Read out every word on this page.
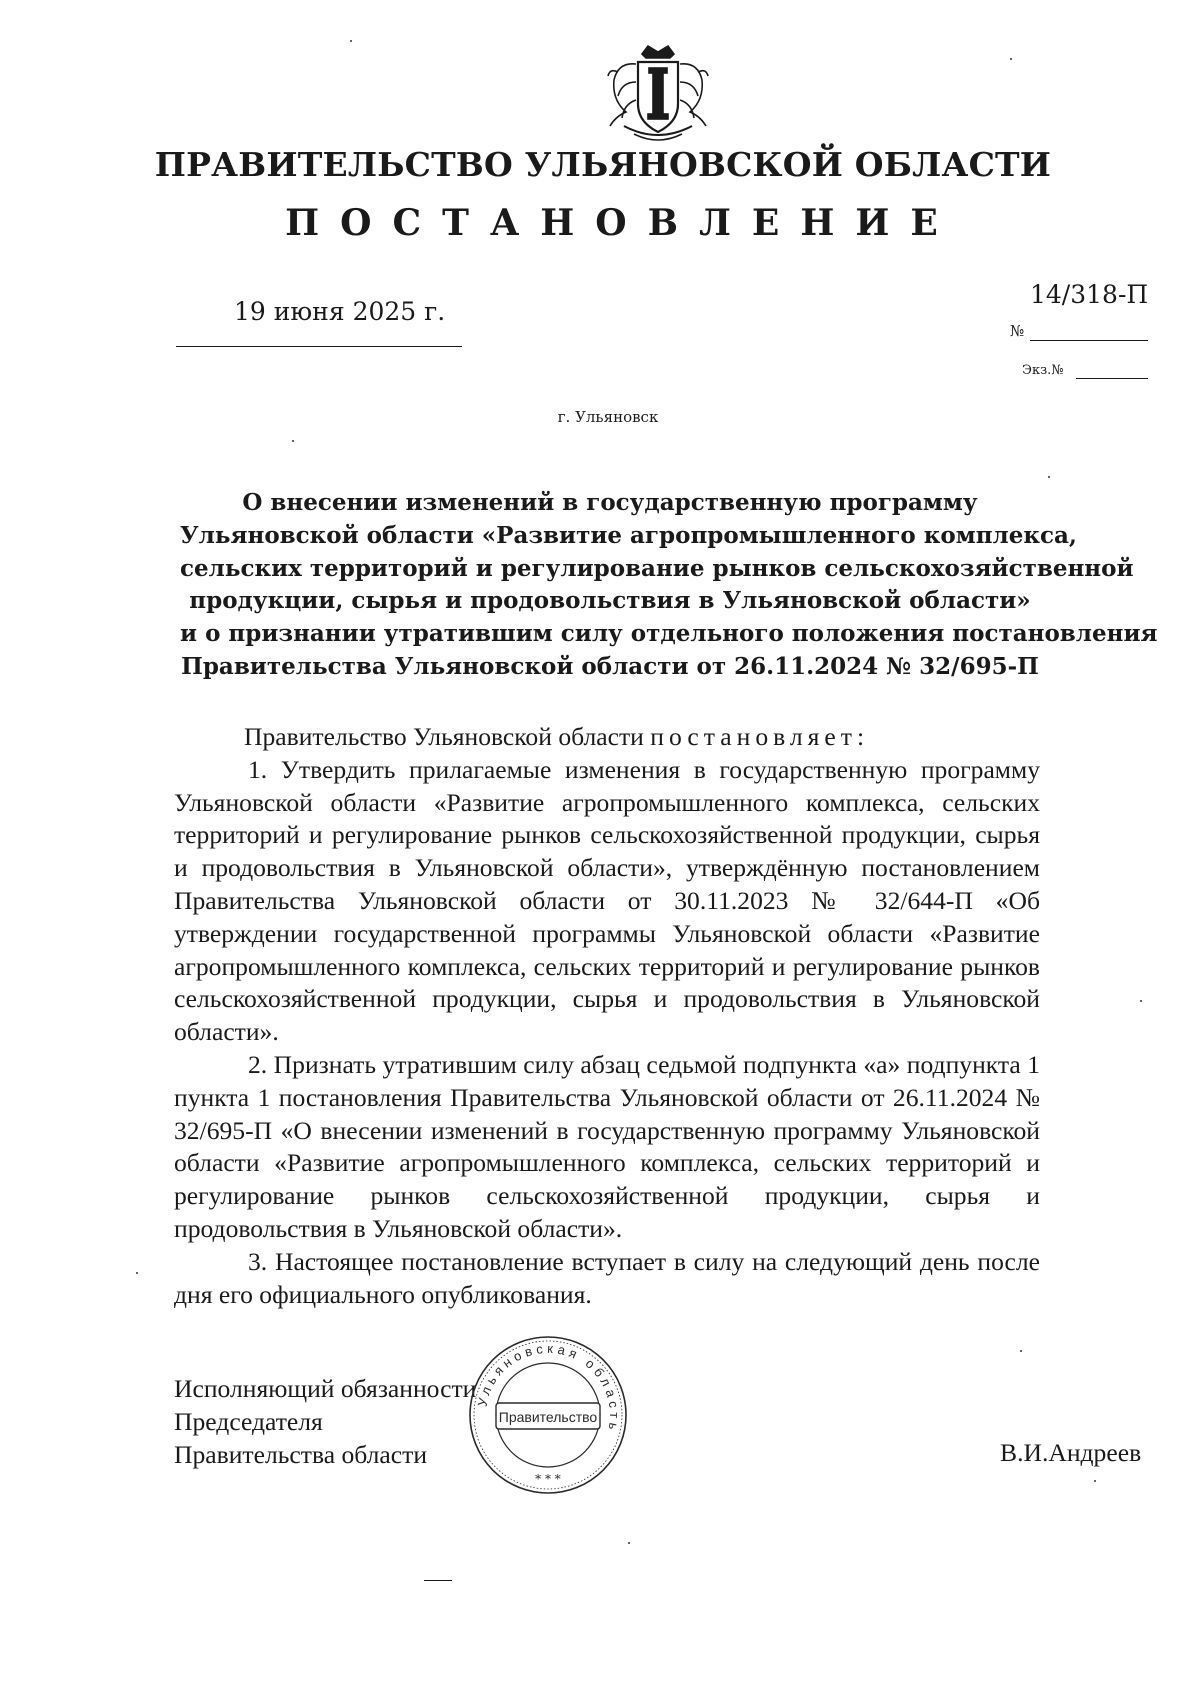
ПРАВИТЕЛЬСТВО УЛЬЯНОВСКОЙ ОБЛАСТИ
ПОСТАНОВЛЕНИЕ
19 июня 2025 г.
14/318-П
№
Экз.№
г. Ульяновск
О внесении изменений в государственную программу
Ульяновской области «Развитие агропромышленного комплекса,
сельских территорий и регулирование рынков сельскохозяйственной
продукции, сырья и продовольствия в Ульяновской области»
и о признании утратившим силу отдельного положения постановления
Правительства Ульяновской области от 26.11.2024 № 32/695-П
Правительство Ульяновской области постановляет:
1. Утвердить прилагаемые изменения в государственную программу Ульяновской области «Развитие агропромышленного комплекса, сельских территорий и регулирование рынков сельскохозяйственной продукции, сырья и продовольствия в Ульяновской области», утверждённую постановлением Правительства Ульяновской области от 30.11.2023 № 32/644-П «Об утверждении государственной программы Ульяновской области «Развитие агропромышленного комплекса, сельских территорий и регулирование рынков сельскохозяйственной продукции, сырья и продовольствия в Ульяновской области».
2. Признать утратившим силу абзац седьмой подпункта «а» подпункта 1 пункта 1 постановления Правительства Ульяновской области от 26.11.2024 № 32/695-П «О внесении изменений в государственную программу Ульяновской области «Развитие агропромышленного комплекса, сельских территорий и регулирование рынков сельскохозяйственной продукции, сырья и продовольствия в Ульяновской области».
3. Настоящее постановление вступает в силу на следующий день после дня его официального опубликования.
Исполняющий обязанности
Председателя
Правительства области	В.И.Андреев
Правительство
Ульяновская область
* * *
